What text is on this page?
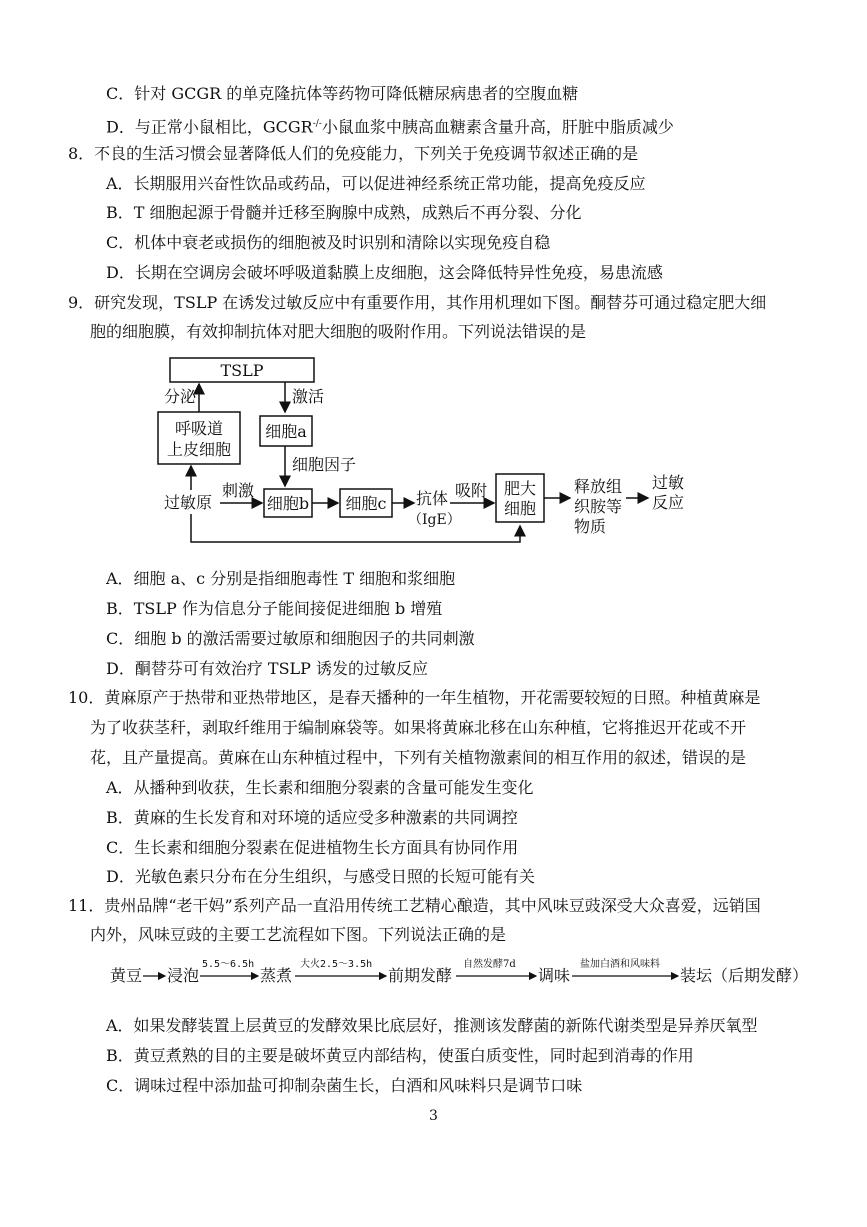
C．针对 GCGR 的单克隆抗体等药物可降低糖尿病患者的空腹血糖
D．与正常小鼠相比，GCGR-/-小鼠血浆中胰高血糖素含量升高，肝脏中脂质减少
8．不良的生活习惯会显著降低人们的免疫能力，下列关于免疫调节叙述正确的是
A．长期服用兴奋性饮品或药品，可以促进神经系统正常功能，提高免疫反应
B．T 细胞起源于骨髓并迁移至胸腺中成熟，成熟后不再分裂、分化
C．机体中衰老或损伤的细胞被及时识别和清除以实现免疫自稳
D．长期在空调房会破坏呼吸道黏膜上皮细胞，这会降低特异性免疫，易患流感
9．研究发现，TSLP 在诱发过敏反应中有重要作用，其作用机理如下图。酮替芬可通过稳定肥大细
胞的细胞膜，有效抑制抗体对肥大细胞的吸附作用。下列说法错误的是
TSLP
呼吸道
上皮细胞
分泌	激活
细胞a
细胞因子
过敏原
刺激
细胞b 细胞c 抗体
（IgE）
吸附 肥大
细胞
释放组
织胺等
物质
过敏
反应
A．细胞 a、c 分别是指细胞毒性 T 细胞和浆细胞
B．TSLP 作为信息分子能间接促进细胞 b 增殖
C．细胞 b 的激活需要过敏原和细胞因子的共同刺激
D．酮替芬可有效治疗 TSLP 诱发的过敏反应
10．黄麻原产于热带和亚热带地区，是春天播种的一年生植物，开花需要较短的日照。种植黄麻是
为了收获茎秆，剥取纤维用于编制麻袋等。如果将黄麻北移在山东种植，它将推迟开花或不开
花，且产量提高。黄麻在山东种植过程中，下列有关植物激素间的相互作用的叙述，错误的是
A．从播种到收获，生长素和细胞分裂素的含量可能发生变化
B．黄麻的生长发育和对环境的适应受多种激素的共同调控
C．生长素和细胞分裂素在促进植物生长方面具有协同作用
D．光敏色素只分布在分生组织，与感受日照的长短可能有关
11．贵州品牌“老干妈”系列产品一直沿用传统工艺精心酿造，其中风味豆豉深受大众喜爱，远销国
内外，风味豆豉的主要工艺流程如下图。下列说法正确的是
黄豆 浸泡
5.5～6.5h
蒸煮
大火2.5～3.5h
前期发酵
自然发酵7d
调味
盐加白酒和风味料
装坛（后期发酵）
A．如果发酵装置上层黄豆的发酵效果比底层好，推测该发酵菌的新陈代谢类型是异养厌氧型
B．黄豆煮熟的目的主要是破坏黄豆内部结构，使蛋白质变性，同时起到消毒的作用
C．调味过程中添加盐可抑制杂菌生长，白酒和风味料只是调节口味
3
